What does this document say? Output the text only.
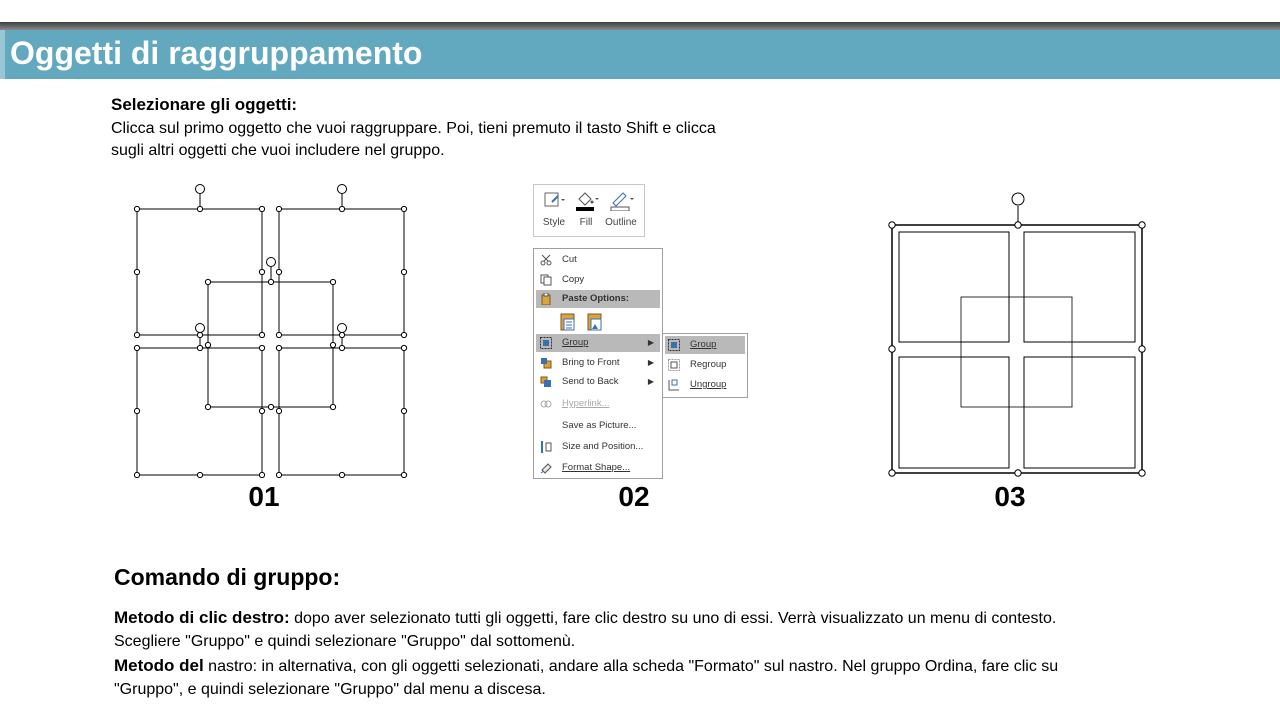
Oggetti di raggruppamento

Selezionare gli oggetti:

Clicca sul primo oggetto che vuoi raggruppare. Poi, tieni premuto il tasto Shift e clicca sugli altri oggetti che vuoi includere nel gruppo.

01
Style	Fill	Outline
Cut
Copy
Paste Options:
Group	▶
Bring to Front	▶
Send to Back	▶
Hyperlink...
Save as Picture...
Size and Position...
Format Shape...
Group
Regroup
Ungroup
02	03
Comando di gruppo:

Metodo di clic destro: dopo aver selezionato tutti gli oggetti, fare clic destro su uno di essi. Verrà visualizzato un menu di contesto. Scegliere "Gruppo" e quindi selezionare "Gruppo" dal sottomenù.

Metodo del nastro: in alternativa, con gli oggetti selezionati, andare alla scheda "Formato" sul nastro. Nel gruppo Ordina, fare clic su "Gruppo", e quindi selezionare "Gruppo" dal menu a discesa.
